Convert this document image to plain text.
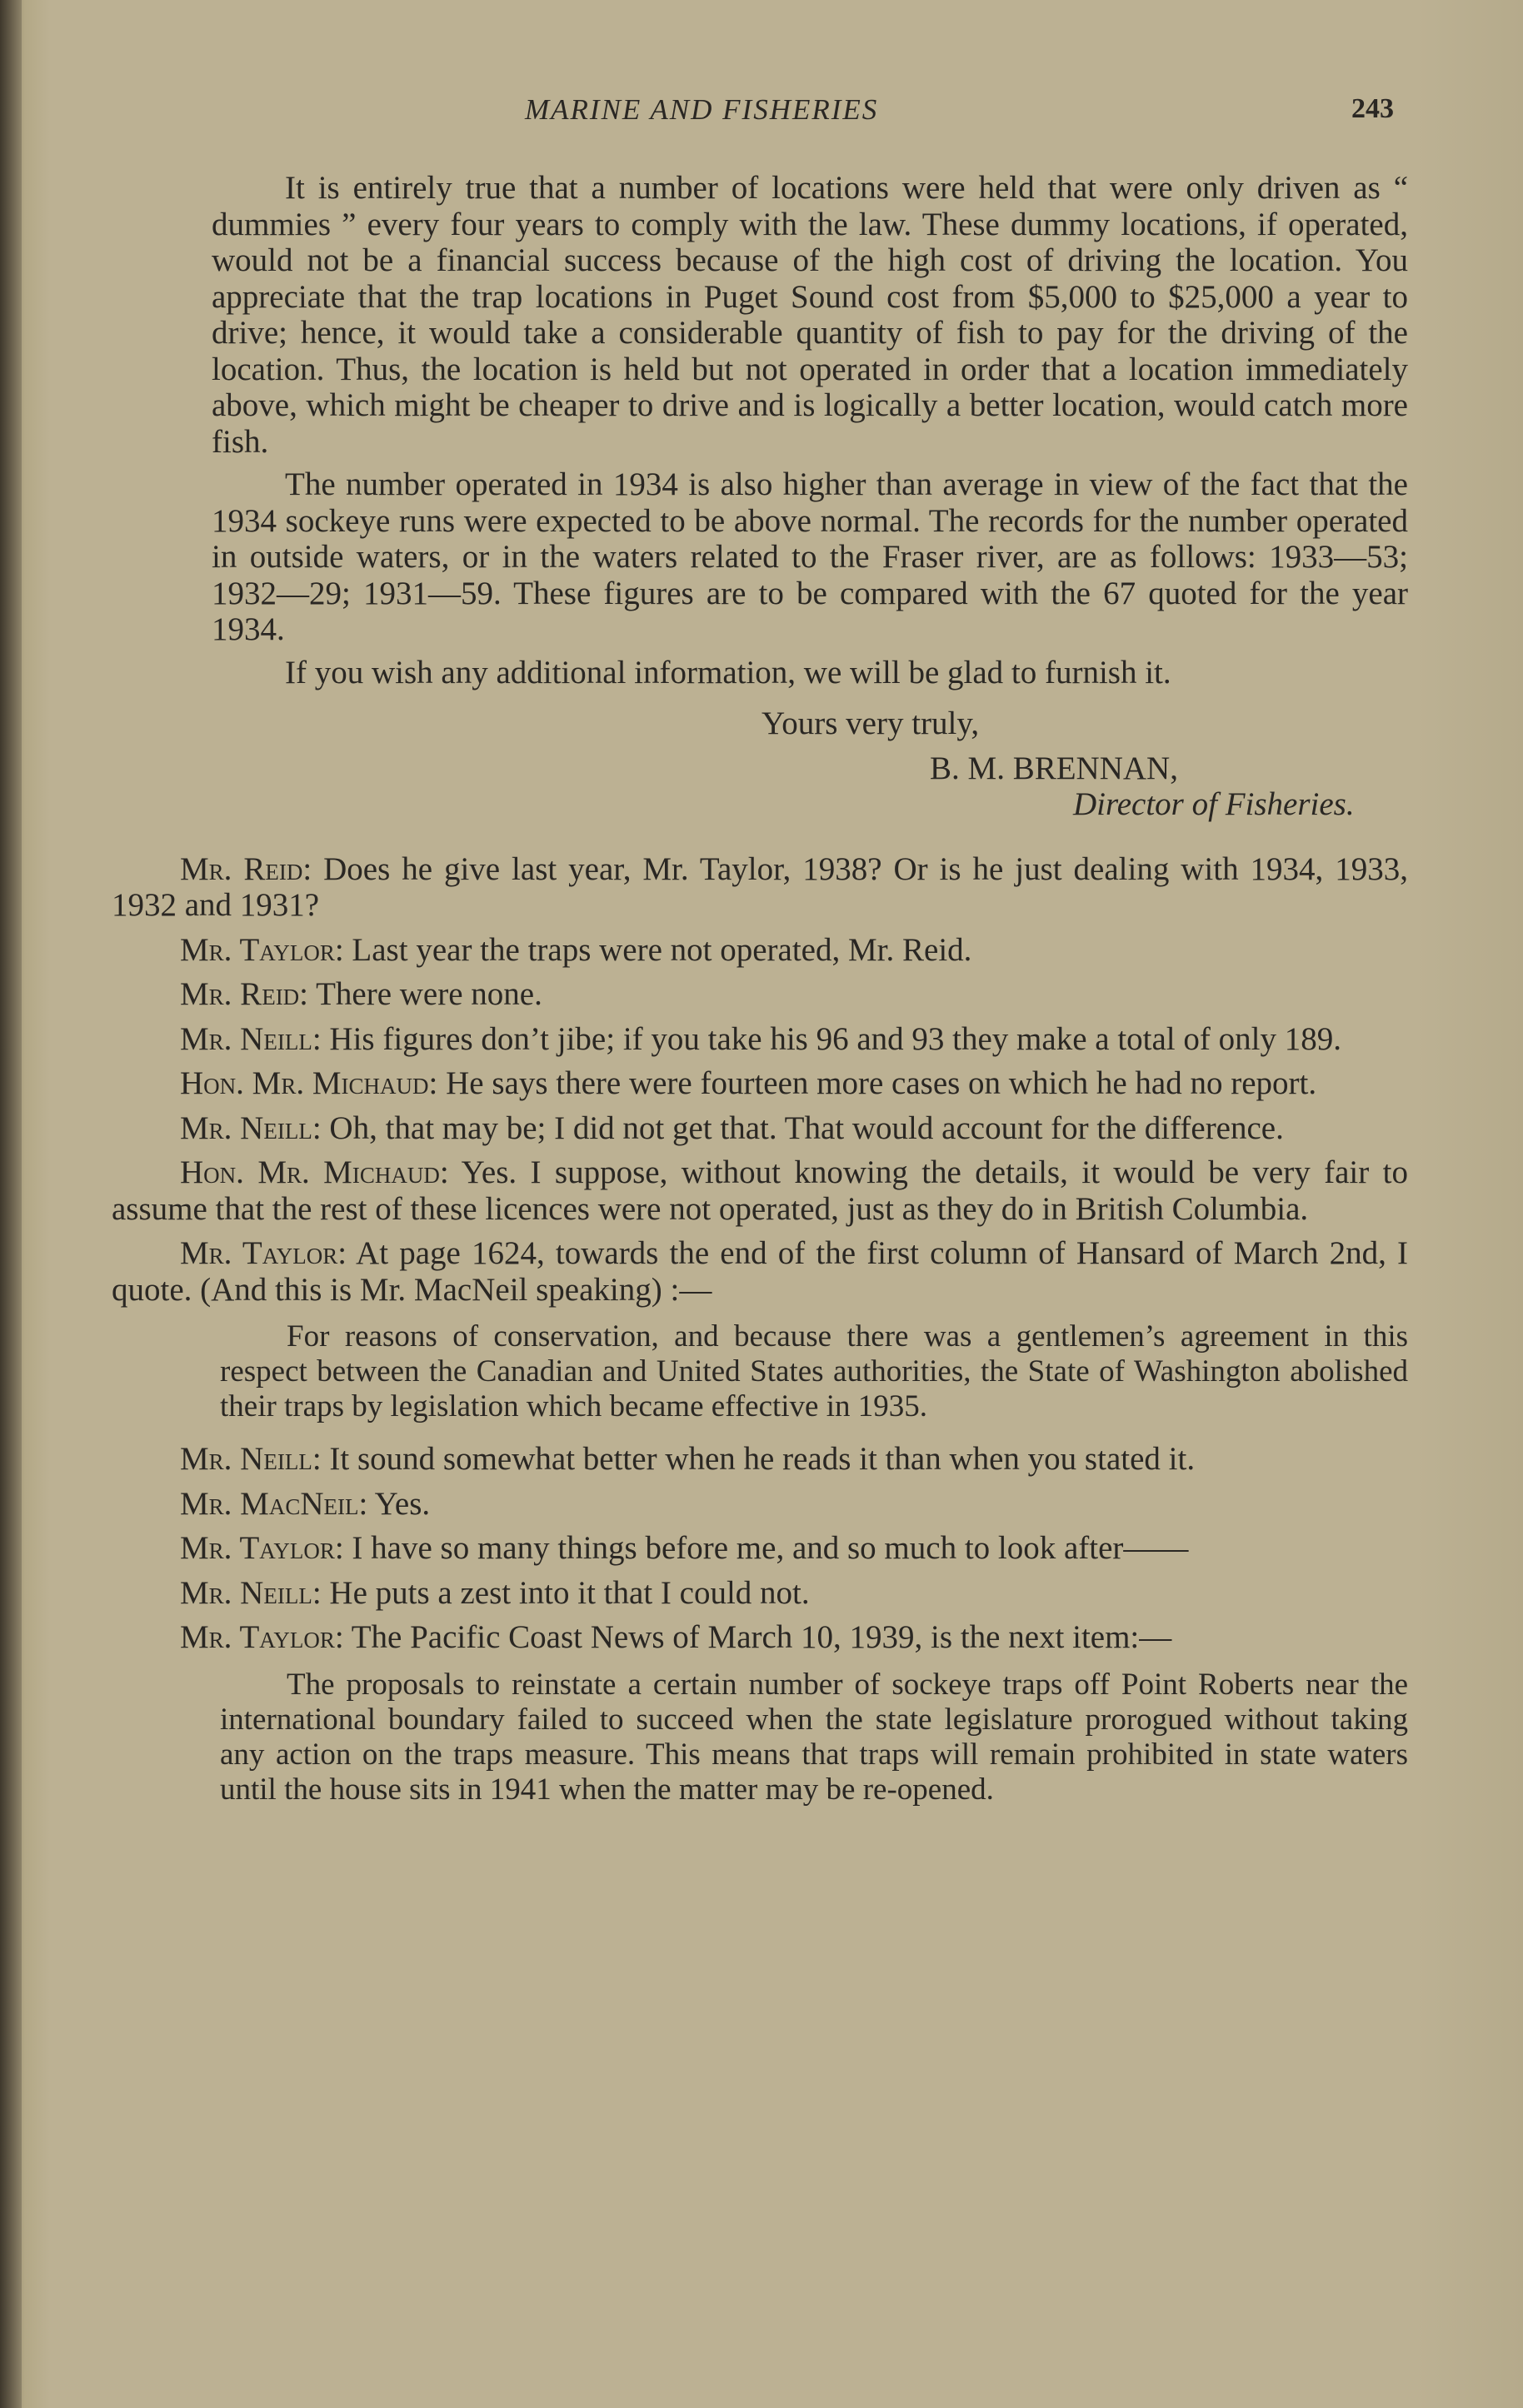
MARINE AND FISHERIES	243

It is entirely true that a number of locations were held that were only driven as “ dummies ” every four years to comply with the law. These dummy locations, if operated, would not be a financial success because of the high cost of driving the location. You appreciate that the trap locations in Puget Sound cost from $5,000 to $25,000 a year to drive; hence, it would take a considerable quantity of fish to pay for the driving of the location. Thus, the location is held but not operated in order that a location immediately above, which might be cheaper to drive and is logically a better location, would catch more fish.

The number operated in 1934 is also higher than average in view of the fact that the 1934 sockeye runs were expected to be above normal. The records for the number operated in outside waters, or in the waters related to the Fraser river, are as follows: 1933—53; 1932—29; 1931—59. These figures are to be compared with the 67 quoted for the year 1934.

If you wish any additional information, we will be glad to furnish it.

Yours very truly,
B. M. BRENNAN,
Director of Fisheries.

Mr. Reid: Does he give last year, Mr. Taylor, 1938? Or is he just dealing with 1934, 1933, 1932 and 1931?

Mr. Taylor: Last year the traps were not operated, Mr. Reid.

Mr. Reid: There were none.

Mr. Neill: His figures don’t jibe; if you take his 96 and 93 they make a total of only 189.

Hon. Mr. Michaud: He says there were fourteen more cases on which he had no report.

Mr. Neill: Oh, that may be; I did not get that. That would account for the difference.

Hon. Mr. Michaud: Yes. I suppose, without knowing the details, it would be very fair to assume that the rest of these licences were not operated, just as they do in British Columbia.

Mr. Taylor: At page 1624, towards the end of the first column of Hansard of March 2nd, I quote. (And this is Mr. MacNeil speaking) :—

For reasons of conservation, and because there was a gentlemen’s agreement in this respect between the Canadian and United States authorities, the State of Washington abolished their traps by legislation which became effective in 1935.

Mr. Neill: It sound somewhat better when he reads it than when you stated it.

Mr. MacNeil: Yes.

Mr. Taylor: I have so many things before me, and so much to look after——

Mr. Neill: He puts a zest into it that I could not.

Mr. Taylor: The Pacific Coast News of March 10, 1939, is the next item:—

The proposals to reinstate a certain number of sockeye traps off Point Roberts near the international boundary failed to succeed when the state legislature prorogued without taking any action on the traps measure. This means that traps will remain prohibited in state waters until the house sits in 1941 when the matter may be re-opened.
